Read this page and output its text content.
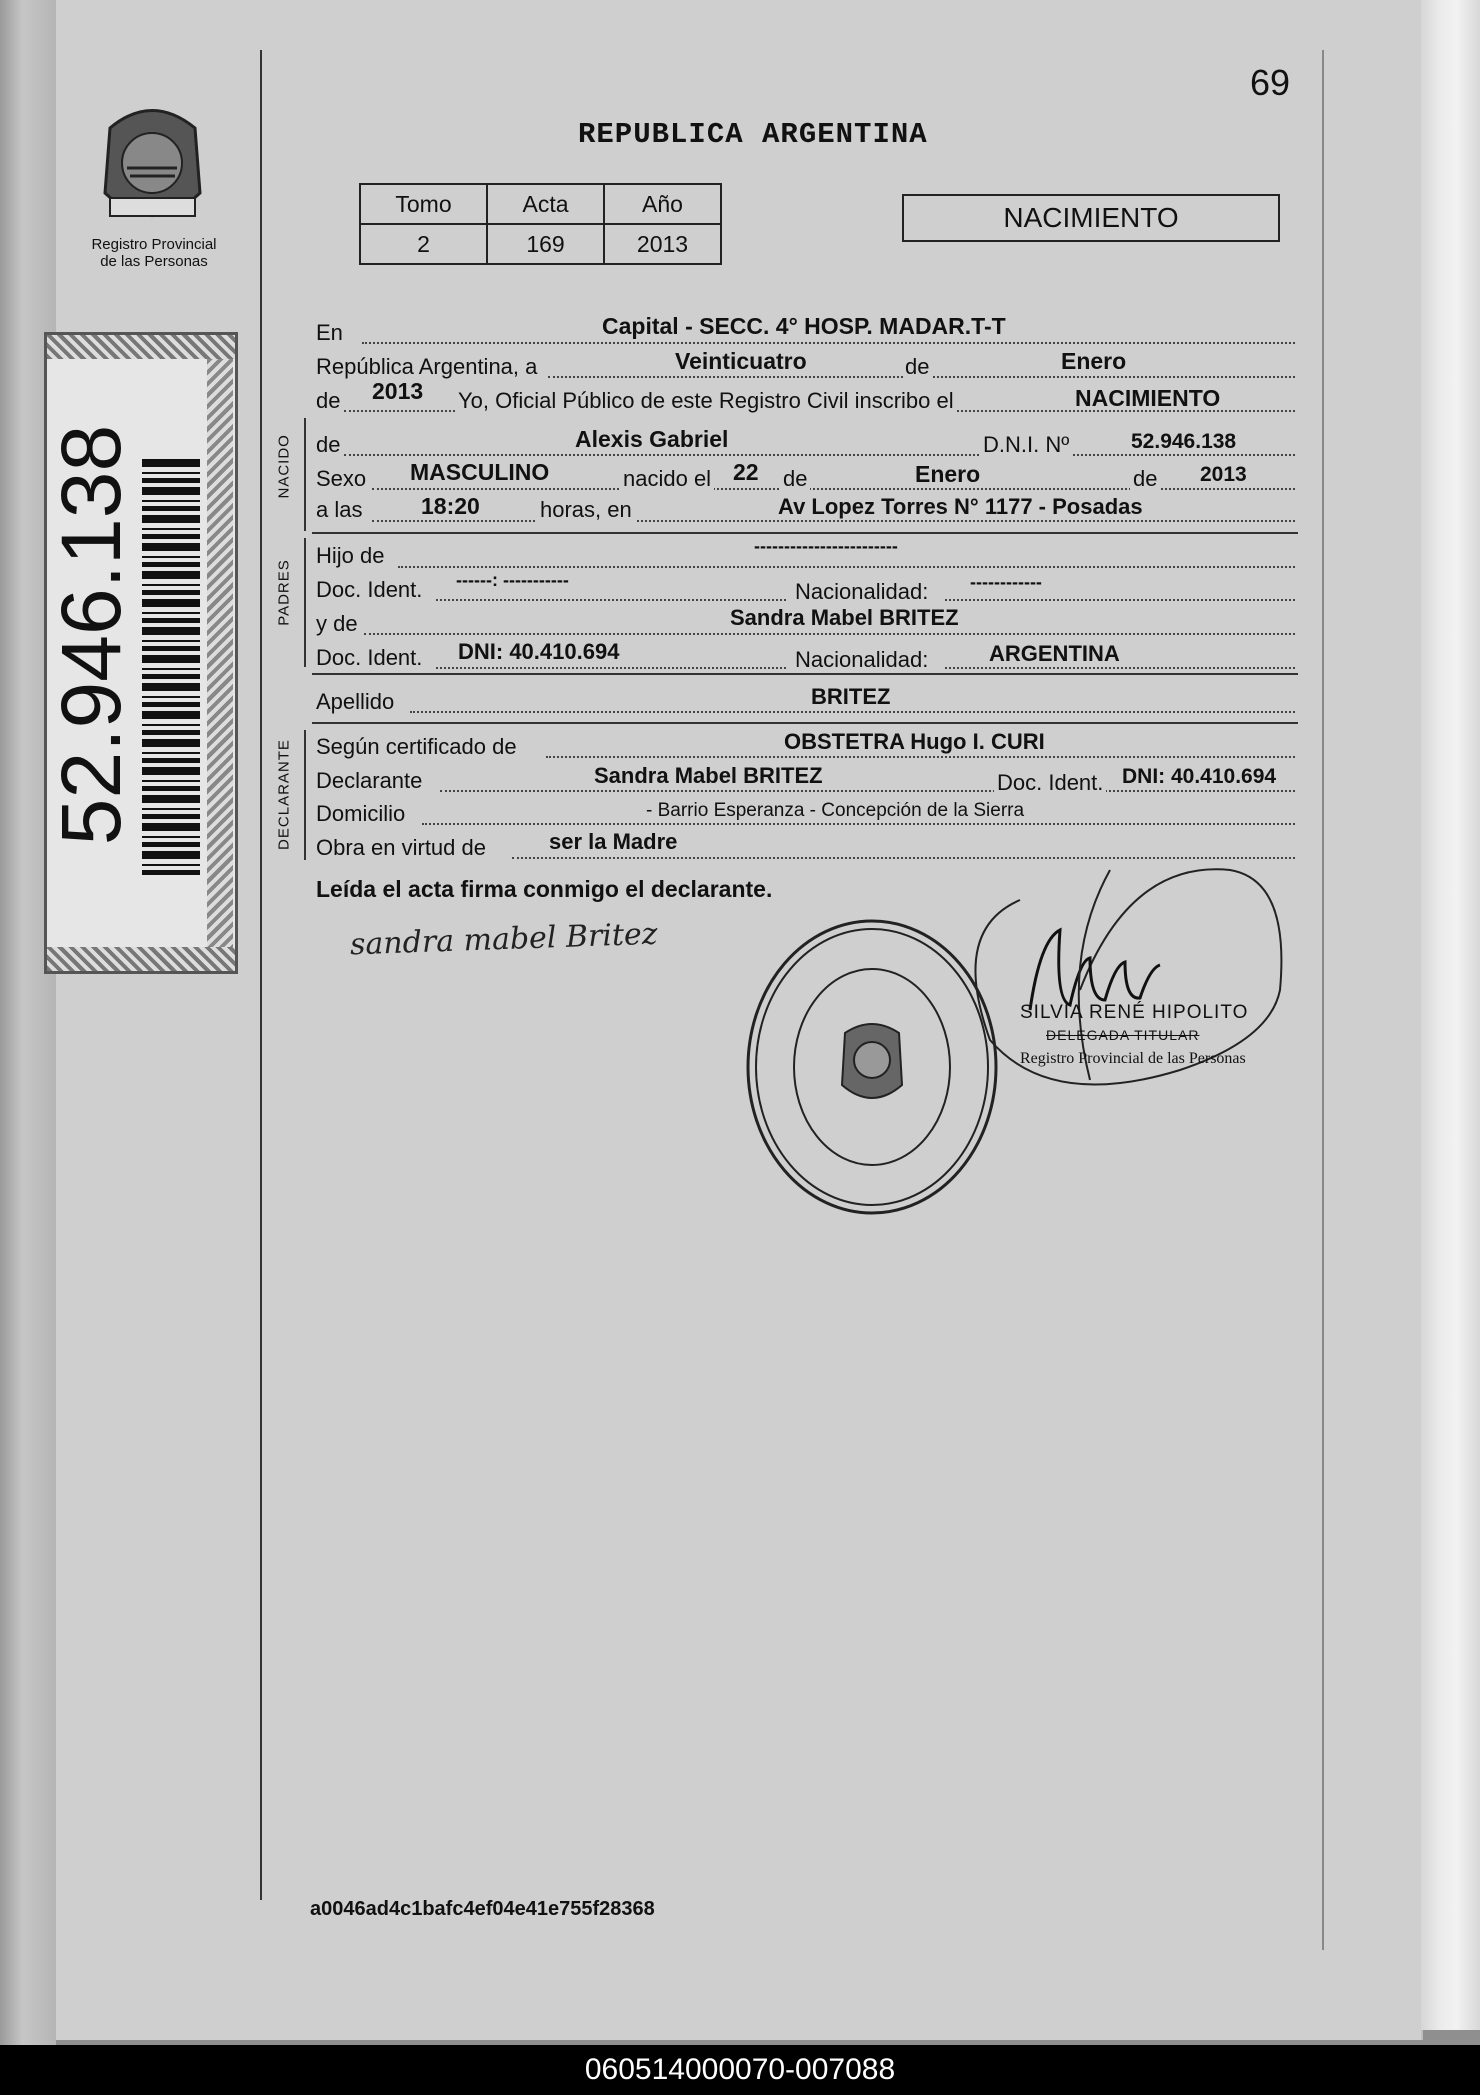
Registro Provincial
de las Personas
52.946.138
69
REPUBLICA ARGENTINA
Tomo	Acta	Año
2	169	2013
NACIMIENTO
NACIDO
PADRES
DECLARANTE
En	Capital - SECC. 4° HOSP. MADAR.T-T
República Argentina, a	Veinticuatro	de	Enero
de 2013 Yo, Oficial Público de este Registro Civil inscribo el	NACIMIENTO
de	Alexis Gabriel	D.N.I. Nº	52.946.138
Sexo MASCULINO	nacido el 22 de	Enero	de 2013
a las	18:20	horas, en	Av Lopez Torres N° 1177 - Posadas
Hijo de	------------------------
Doc. Ident. ------: -----------	Nacionalidad: ------------
y de	Sandra Mabel BRITEZ
Doc. Ident. DNI: 40.410.694	Nacionalidad:	ARGENTINA
Apellido	BRITEZ
Según certificado de	OBSTETRA Hugo I. CURI
Declarante	Sandra Mabel BRITEZ	Doc. Ident. DNI: 40.410.694
Domicilio	- Barrio Esperanza - Concepción de la Sierra
Obra en virtud de	ser la Madre
Leída el acta firma conmigo el declarante.
sandra mabel Britez
SILVIA RENÉ HIPOLITO
DELEGADA TITULAR
Registro Provincial de las Personas
a0046ad4c1bafc4ef04e41e755f28368
060514000070-007088
